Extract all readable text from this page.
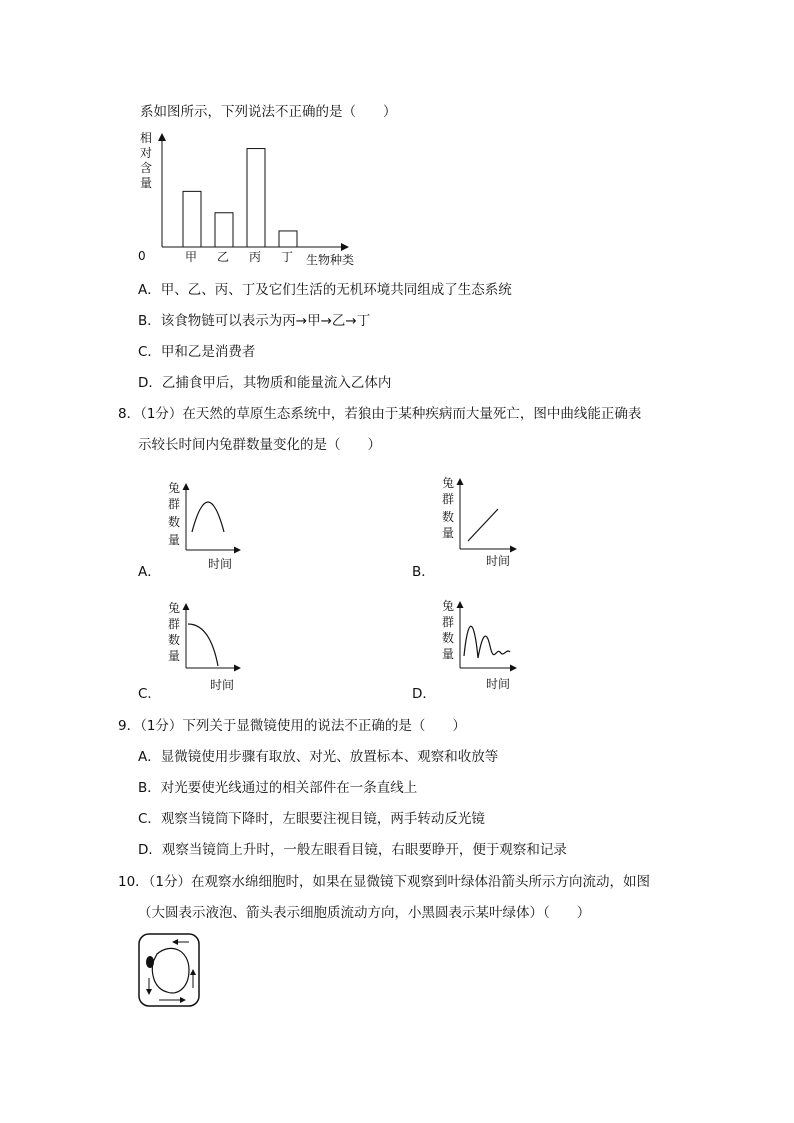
系如图所示，下列说法不正确的是（　　）
相
对
含
量
0	甲 乙 丙 丁 生物种类
A．甲、乙、丙、丁及它们生活的无机环境共同组成了生态系统
B．该食物链可以表示为丙→甲→乙→丁
C．甲和乙是消费者
D．乙捕食甲后，其物质和能量流入乙体内
8．（1分）在天然的草原生态系统中，若狼由于某种疾病而大量死亡，图中曲线能正确表
示较长时间内兔群数量变化的是（　　）
兔
群
数
量
时间
A．
兔
群
数
量
时间
B．
兔
群
数
量
时间
C．
兔
群
数
量
时间
D．
9．（1分）下列关于显微镜使用的说法不正确的是（　　）
A．显微镜使用步骤有取放、对光、放置标本、观察和收放等
B．对光要使光线通过的相关部件在一条直线上
C．观察当镜筒下降时，左眼要注视目镜，两手转动反光镜
D．观察当镜筒上升时，一般左眼看目镜，右眼要睁开，便于观察和记录
10．（1分）在观察水绵细胞时，如果在显微镜下观察到叶绿体沿箭头所示方向流动，如图
（大圆表示液泡、箭头表示细胞质流动方向，小黑圆表示某叶绿体）（　　）
